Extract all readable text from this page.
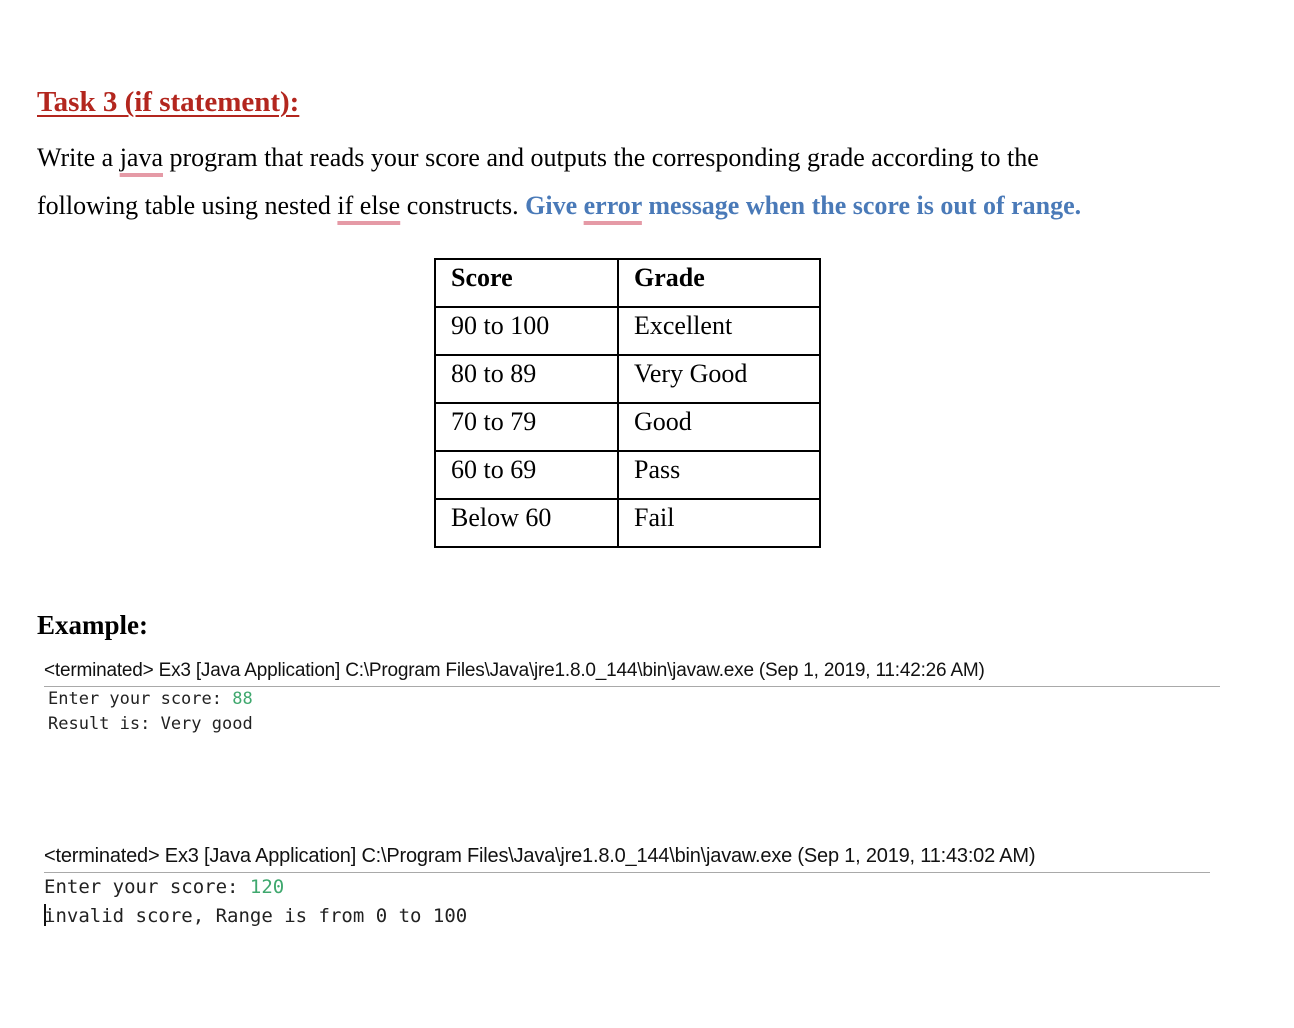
Task 3 (if statement):
Write a java program that reads your score and outputs the corresponding grade according to the
following table using nested if else constructs. Give error message when the score is out of range.
Score	Grade
90 to 100	Excellent
80 to 89	Very Good
70 to 79	Good
60 to 69	Pass
Below 60	Fail
Example:
<terminated> Ex3 [Java Application] C:\Program Files\Java\jre1.8.0_144\bin\javaw.exe (Sep 1, 2019, 11:42:26 AM)
Enter your score: 88
Result is: Very good
<terminated> Ex3 [Java Application] C:\Program Files\Java\jre1.8.0_144\bin\javaw.exe (Sep 1, 2019, 11:43:02 AM)
Enter your score: 120
invalid score, Range is from 0 to 100
